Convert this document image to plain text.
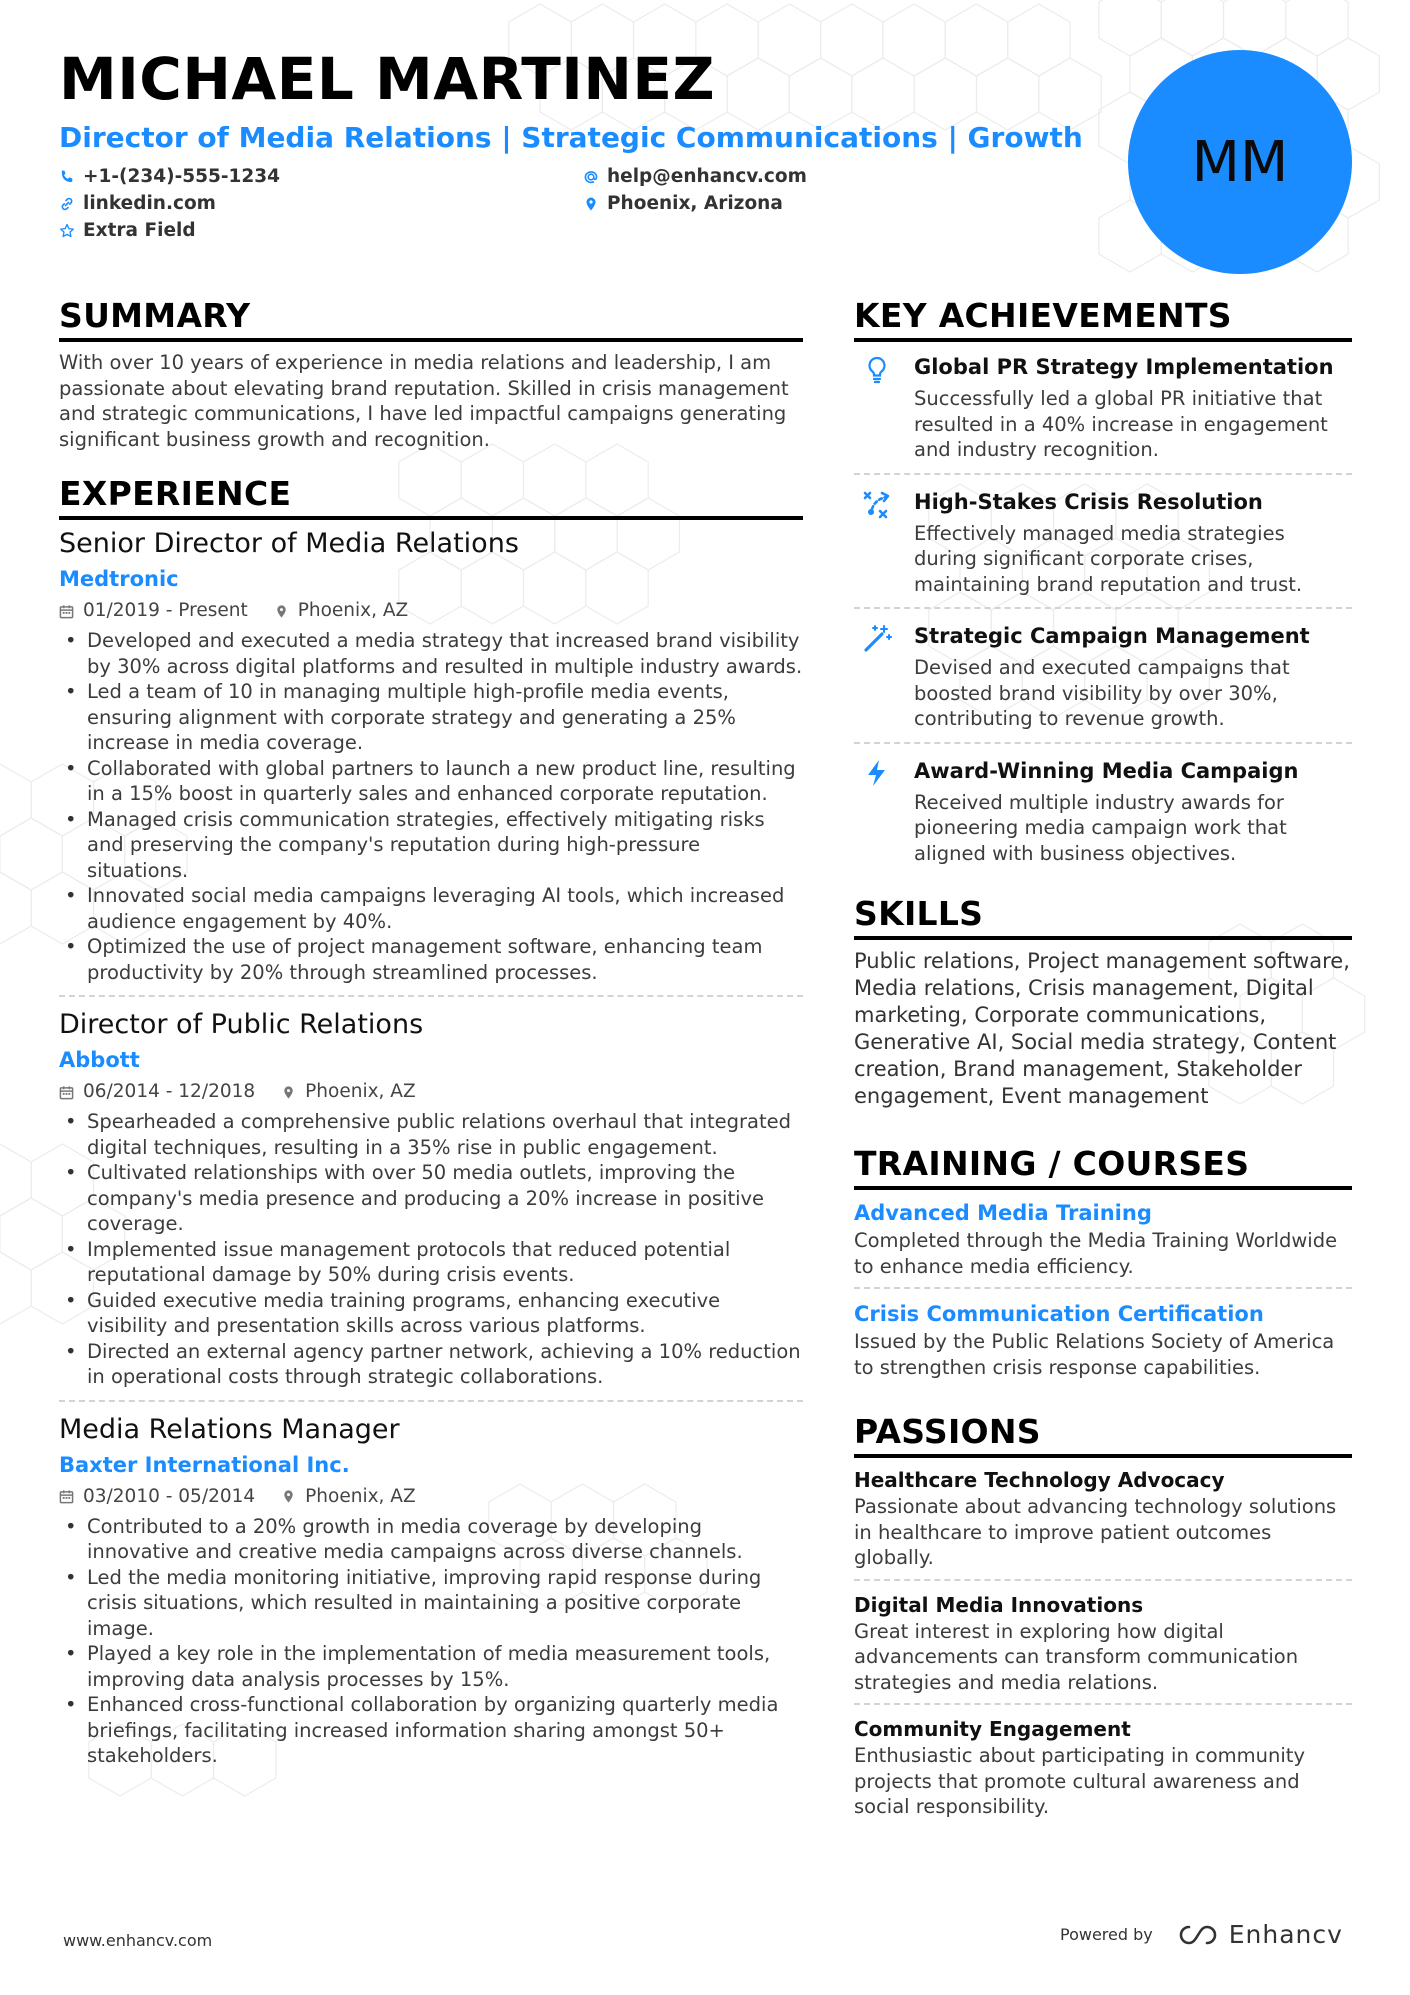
MICHAEL MARTINEZ
Director of Media Relations | Strategic Communications | Growth
+1-(234)-555-1234	help@enhancv.com
linkedin.com	Phoenix, Arizona
Extra Field
MM
SUMMARY
With over 10 years of experience in media relations and leadership, I am passionate about elevating brand reputation. Skilled in crisis management and strategic communications, I have led impactful campaigns generating significant business growth and recognition.
EXPERIENCE
Senior Director of Media Relations
Medtronic
01/2019 - Present	Phoenix, AZ
• Developed and executed a media strategy that increased brand visibility by 30% across digital platforms and resulted in multiple industry awards.
• Led a team of 10 in managing multiple high-profile media events, ensuring alignment with corporate strategy and generating a 25% increase in media coverage.
• Collaborated with global partners to launch a new product line, resulting in a 15% boost in quarterly sales and enhanced corporate reputation.
• Managed crisis communication strategies, effectively mitigating risks and preserving the company's reputation during high-pressure situations.
• Innovated social media campaigns leveraging AI tools, which increased audience engagement by 40%.
• Optimized the use of project management software, enhancing team productivity by 20% through streamlined processes.
Director of Public Relations
Abbott
06/2014 - 12/2018	Phoenix, AZ
• Spearheaded a comprehensive public relations overhaul that integrated digital techniques, resulting in a 35% rise in public engagement.
• Cultivated relationships with over 50 media outlets, improving the company's media presence and producing a 20% increase in positive coverage.
• Implemented issue management protocols that reduced potential reputational damage by 50% during crisis events.
• Guided executive media training programs, enhancing executive visibility and presentation skills across various platforms.
• Directed an external agency partner network, achieving a 10% reduction in operational costs through strategic collaborations.
Media Relations Manager
Baxter International Inc.
03/2010 - 05/2014	Phoenix, AZ
• Contributed to a 20% growth in media coverage by developing innovative and creative media campaigns across diverse channels.
• Led the media monitoring initiative, improving rapid response during crisis situations, which resulted in maintaining a positive corporate image.
• Played a key role in the implementation of media measurement tools, improving data analysis processes by 15%.
• Enhanced cross-functional collaboration by organizing quarterly media briefings, facilitating increased information sharing amongst 50+ stakeholders.
KEY ACHIEVEMENTS
Global PR Strategy Implementation
Successfully led a global PR initiative that resulted in a 40% increase in engagement and industry recognition.
High-Stakes Crisis Resolution
Effectively managed media strategies during significant corporate crises, maintaining brand reputation and trust.
Strategic Campaign Management
Devised and executed campaigns that boosted brand visibility by over 30%, contributing to revenue growth.
Award-Winning Media Campaign
Received multiple industry awards for pioneering media campaign work that aligned with business objectives.
SKILLS
Public relations, Project management software, Media relations, Crisis management, Digital marketing, Corporate communications, Generative AI, Social media strategy, Content creation, Brand management, Stakeholder engagement, Event management
TRAINING / COURSES
Advanced Media Training
Completed through the Media Training Worldwide to enhance media efficiency.
Crisis Communication Certification
Issued by the Public Relations Society of America to strengthen crisis response capabilities.
PASSIONS
Healthcare Technology Advocacy
Passionate about advancing technology solutions in healthcare to improve patient outcomes globally.
Digital Media Innovations
Great interest in exploring how digital advancements can transform communication strategies and media relations.
Community Engagement
Enthusiastic about participating in community projects that promote cultural awareness and social responsibility.
www.enhancv.com	Powered by	Enhancv
